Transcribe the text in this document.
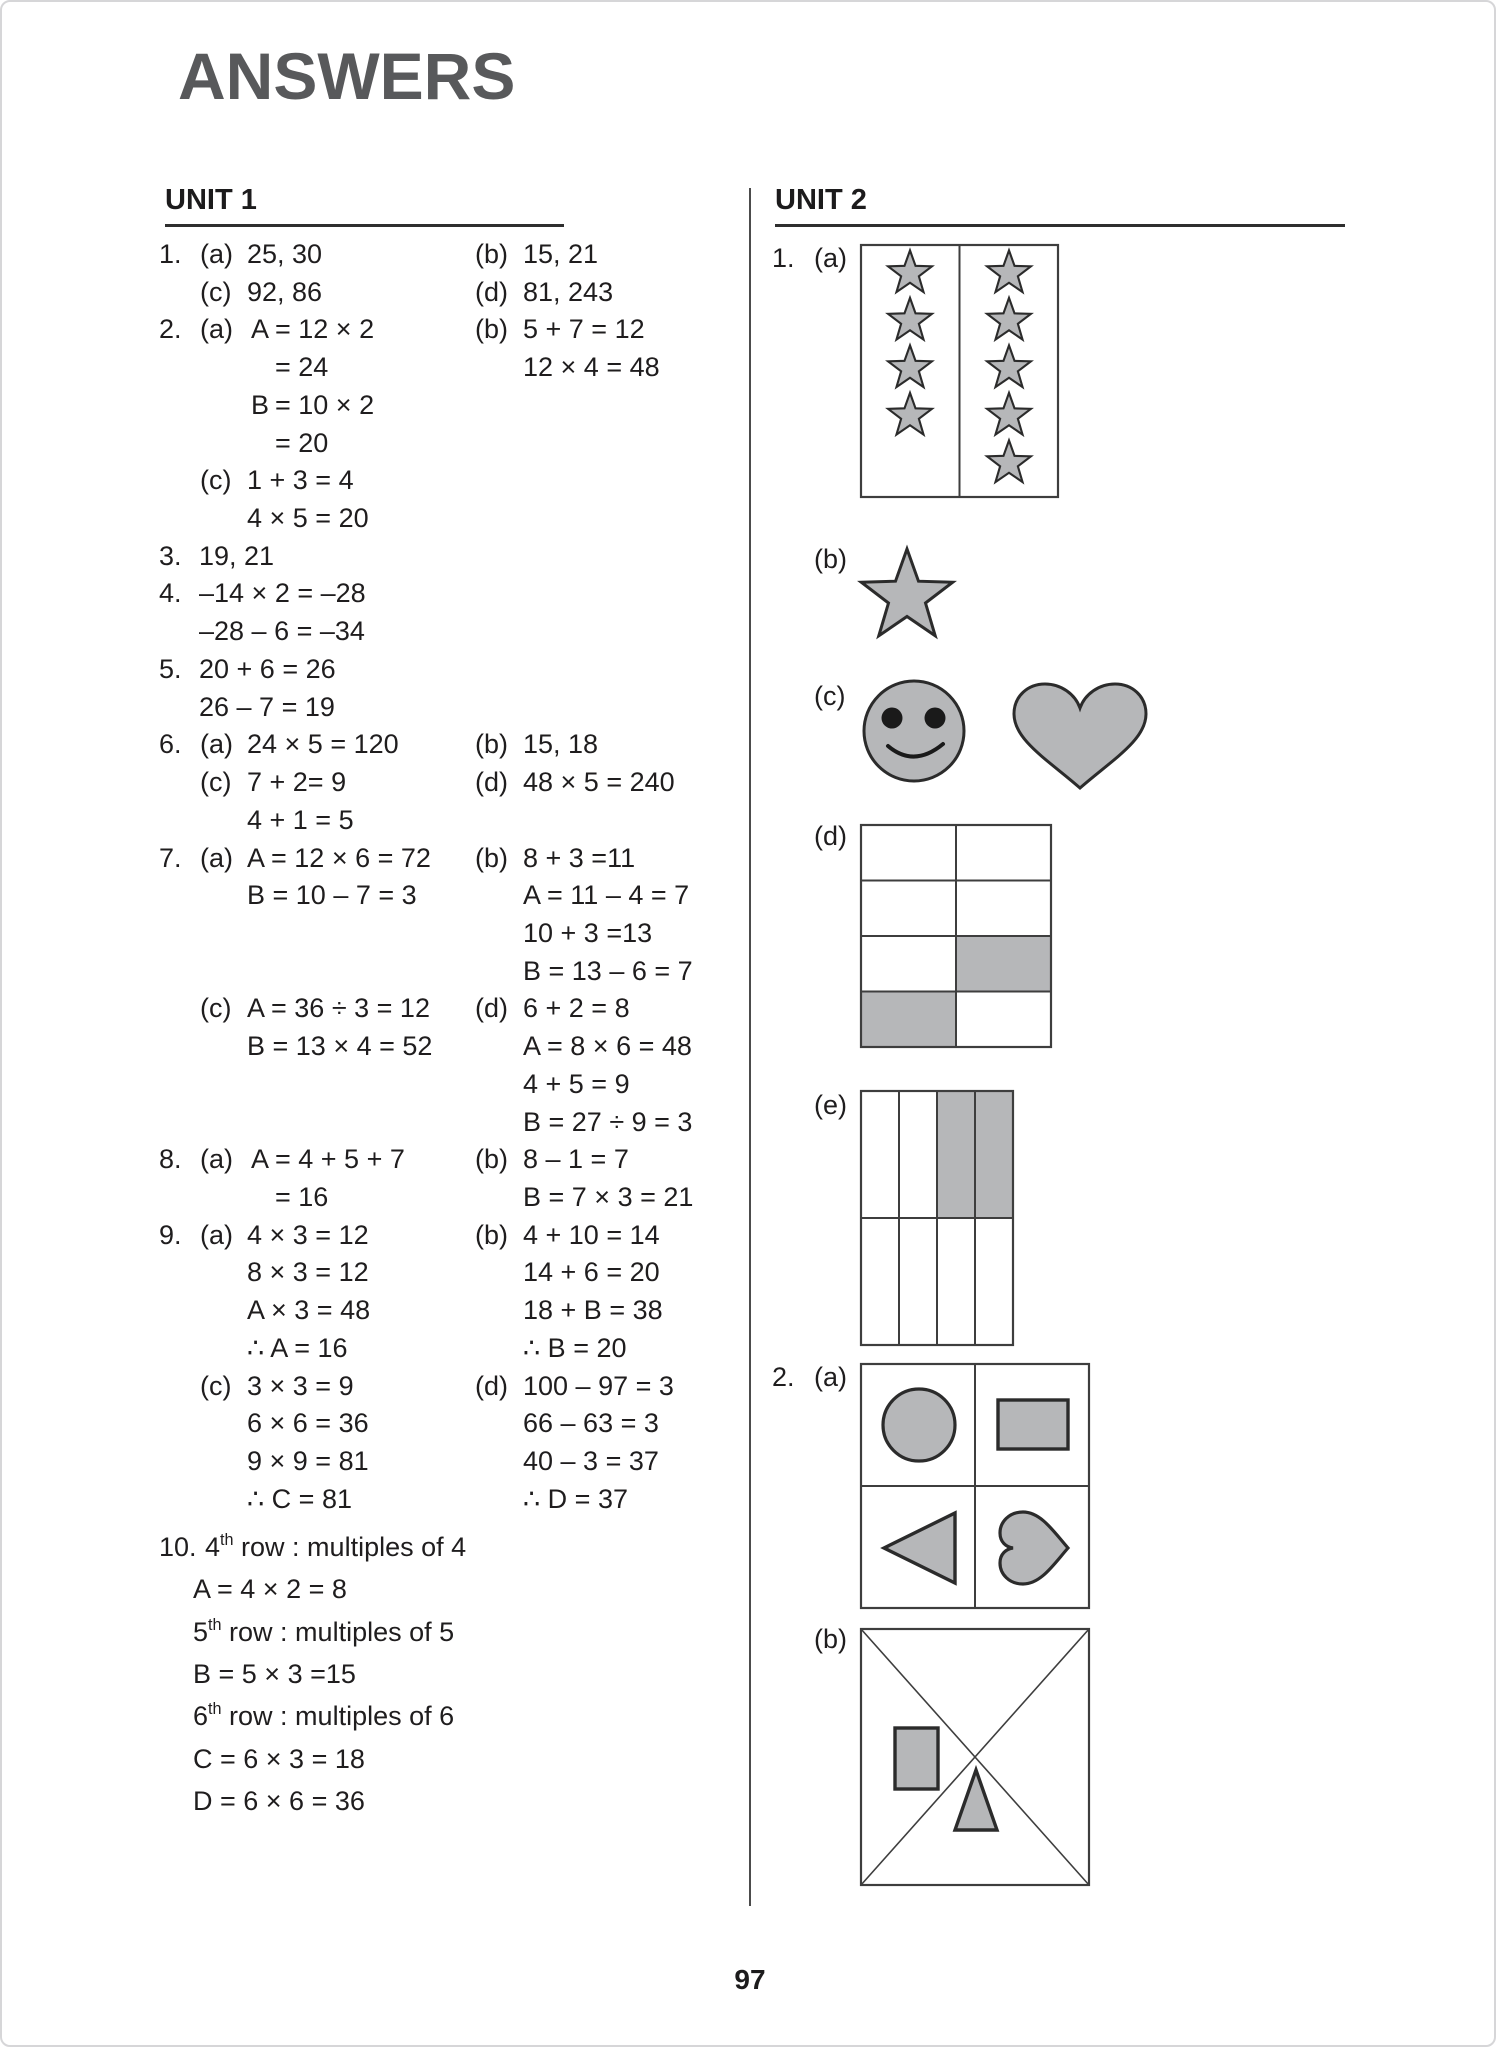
ANSWERS
UNIT 1	UNIT 2
1. (a) 25, 30	(b) 15, 21
(c) 92, 86	(d) 81, 243
2. (a) A = 12 × 2	(b) 5 + 7 = 12
= 24	12 × 4 = 48
B = 10 × 2
= 20
(c) 1 + 3 = 4
4 × 5 = 20
3. 19, 21
4. –14 × 2 = –28
–28 – 6 = –34
5. 20 + 6 = 26
26 – 7 = 19
6. (a) 24 × 5 = 120	(b) 15, 18
(c) 7 + 2= 9	(d) 48 × 5 = 240
4 + 1 = 5
7. (a) A = 12 × 6 = 72 (b) 8 + 3 =11
B = 10 – 7 = 3	A = 11 – 4 = 7
10 + 3 =13
B = 13 – 6 = 7
(c) A = 36 ÷ 3 = 12 (d) 6 + 2 = 8
B = 13 × 4 = 52	A = 8 × 6 = 48
4 + 5 = 9
B = 27 ÷ 9 = 3
8. (a) A = 4 + 5 + 7	(b) 8 – 1 = 7
= 16	B = 7 × 3 = 21
9. (a) 4 × 3 = 12	(b) 4 + 10 = 14
8 × 3 = 12	14 + 6 = 20
A × 3 = 48	18 + B = 38
∴ A = 16	∴ B = 20
(c) 3 × 3 = 9	(d) 100 – 97 = 3
6 × 6 = 36	66 – 63 = 3
9 × 9 = 81	40 – 3 = 37
∴ C = 81	∴ D = 37
10. 4th row : multiples of 4
A = 4 × 2 = 8
5th row : multiples of 5
B = 5 × 3 =15
6th row : multiples of 6
C = 6 × 3 = 18
D = 6 × 6 = 36
1. (a)
(b)
(c)
(d)
(e)
2. (a)
(b)
97
